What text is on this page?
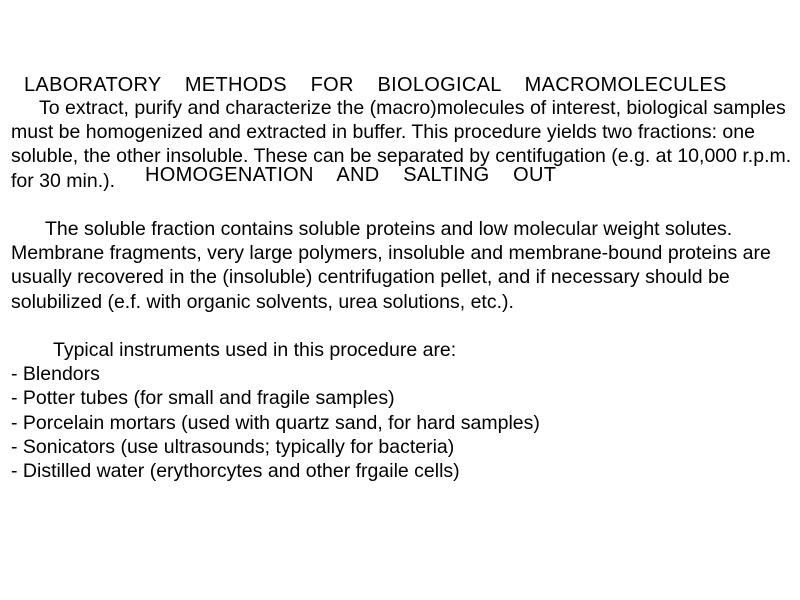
LABORATORY  METHODS  FOR  BIOLOGICAL  MACROMOLECULES

HOMOGENATION  AND  SALTING  OUT

To extract, purify and characterize the (macro)molecules of interest, biological samples must be homogenized and extracted in buffer. This procedure yields two fractions: one soluble, the other insoluble. These can be separated by centifugation (e.g. at 10,000 r.p.m. for 30 min.).

The soluble fraction contains soluble proteins and low molecular weight solutes. Membrane fragments, very large polymers, insoluble and membrane-bound proteins are usually recovered in the (insoluble) centrifugation pellet, and if necessary should be solubilized (e.f. with organic solvents, urea solutions, etc.).

Typical instruments used in this procedure are:

- Blendors
- Potter tubes (for small and fragile samples)
- Porcelain mortars (used with quartz sand, for hard samples)
- Sonicators (use ultrasounds; typically for bacteria)
- Distilled water (erythorcytes and other frgaile cells)
